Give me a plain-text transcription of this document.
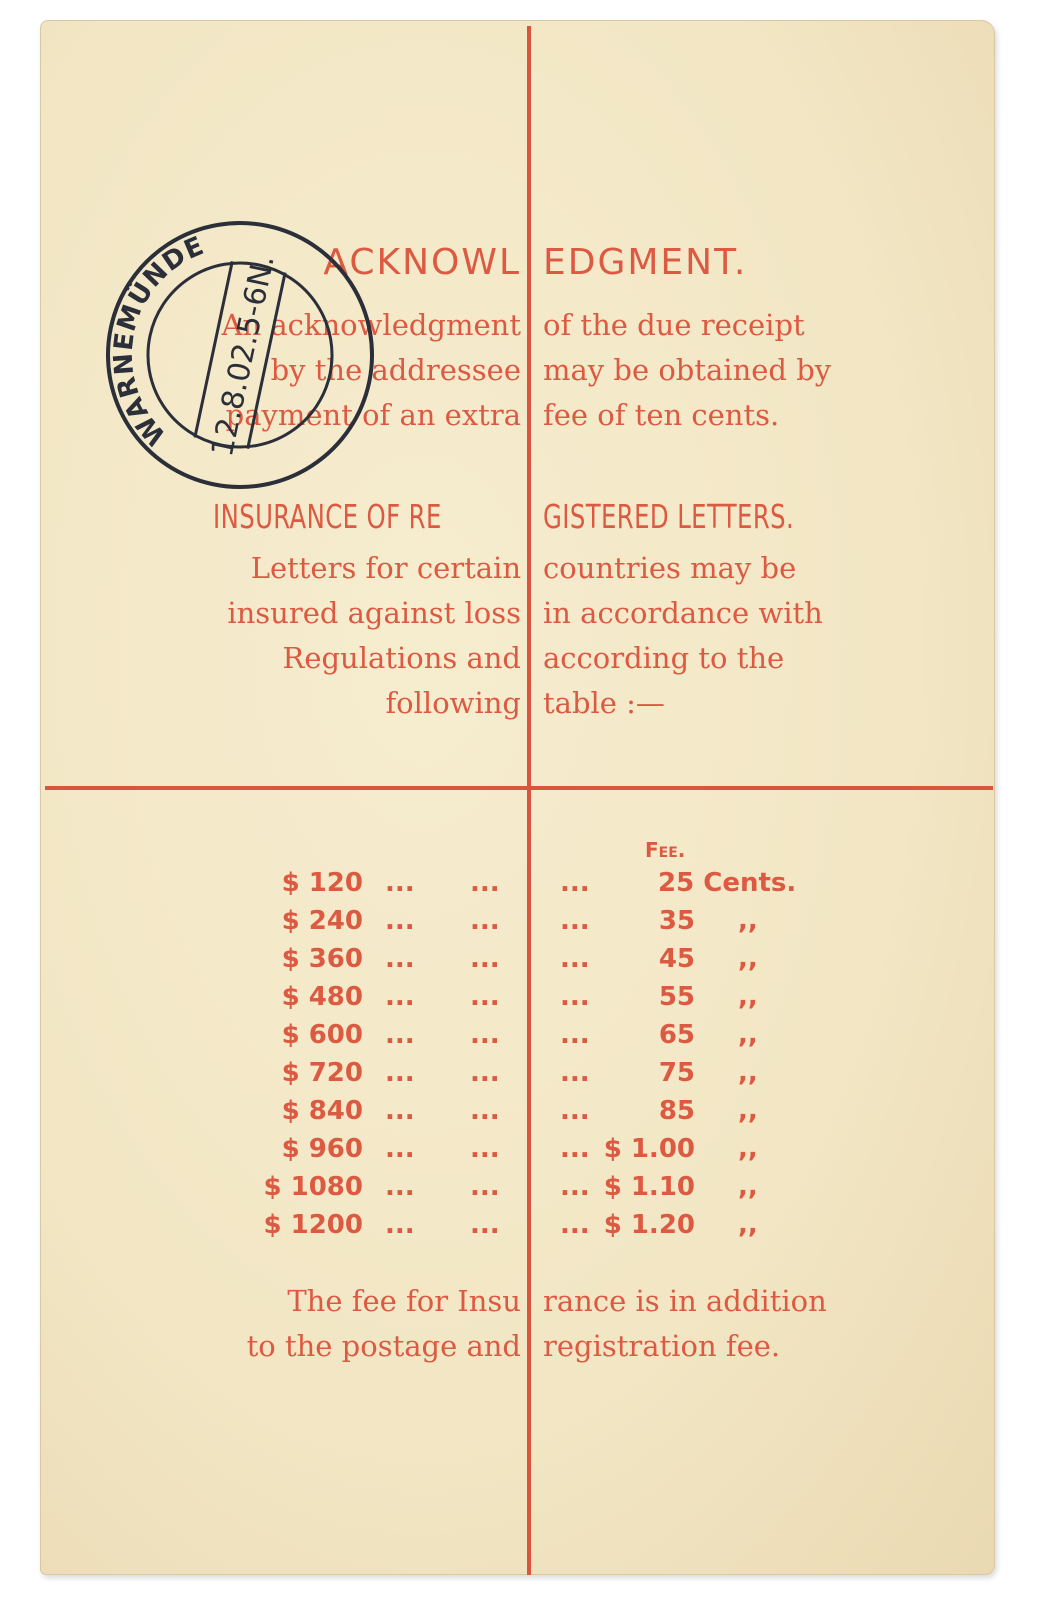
ACKNOWL EDGMENT.
An acknowledgment
by the addressee
payment of an extra
of the due receipt
may be obtained by
fee of ten cents.
INSURANCE OF RE	GISTERED LETTERS.
Letters for certain
insured against loss
Regulations and
following
countries may be
in accordance with
according to the
table :—
Fee.
$ 120 ... ... ...	25 Cents.
$ 240 ... ... ...	35 ,,
$ 360 ... ... ...	45 ,,
$ 480 ... ... ...	55 ,,
$ 600 ... ... ...	65 ,,
$ 720 ... ... ...	75 ,,
$ 840 ... ... ...	85 ,,
$ 960 ... ... ... $ 1.00 ,,
$ 1080 ... ... ... $ 1.10 ,,
$ 1200 ... ... ... $ 1.20 ,,
The fee for Insu
to the postage and
rance is in addition
registration fee.
WARNEMÜNDE
12.8.02.5-6N.
